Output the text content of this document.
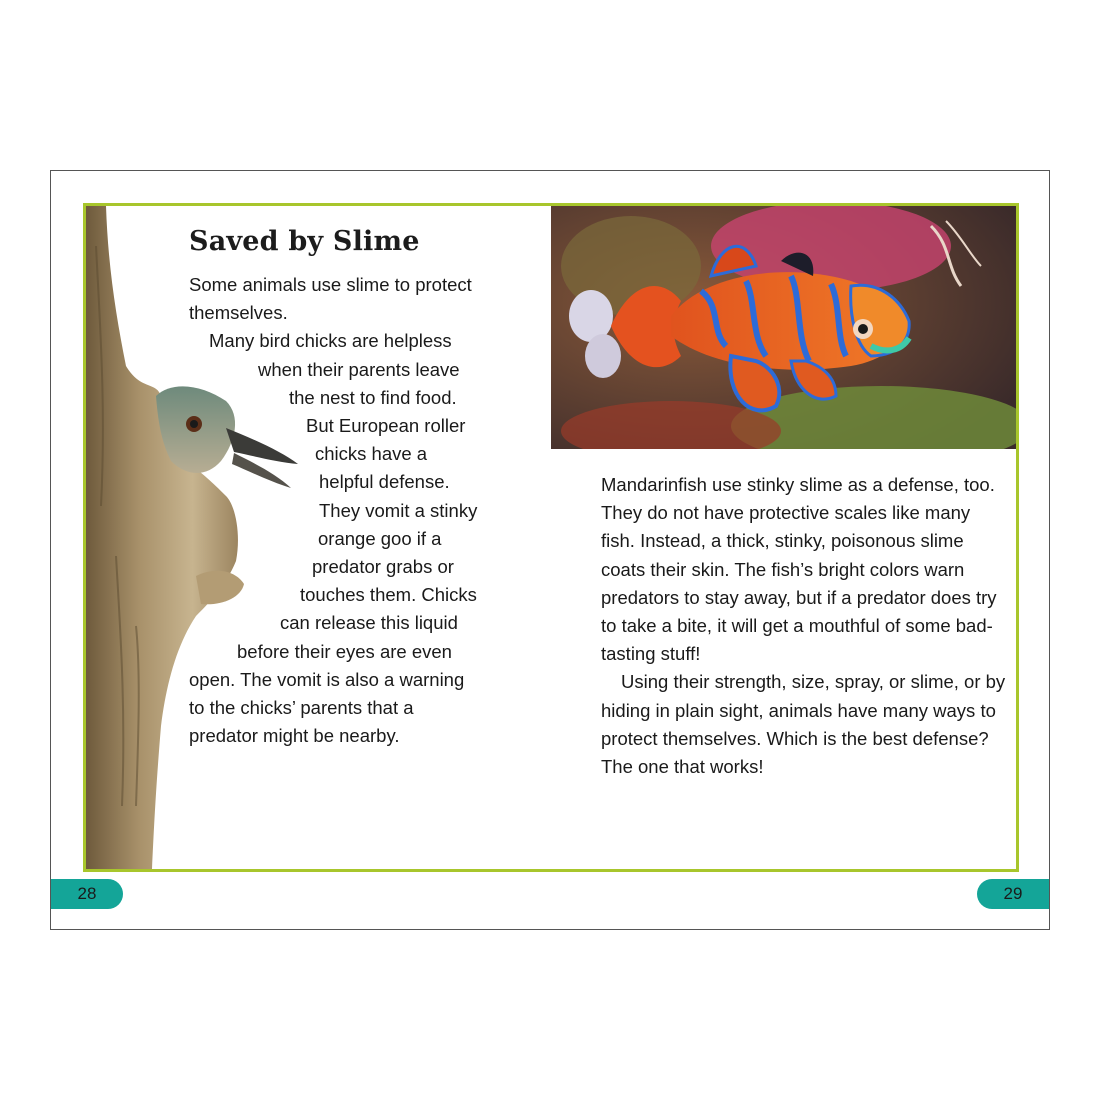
Saved by Slime
Some animals use slime to protect
themselves.
Many bird chicks are helpless
when their parents leave
the nest to find food.
But European roller
chicks have a
helpful defense.
They vomit a stinky
orange goo if a
predator grabs or
touches them. Chicks
can release this liquid
before their eyes are even
open. The vomit is also a warning
to the chicks’ parents that a
predator might be nearby.

Mandarinfish use stinky slime as a defense, too. They do not have protective scales like many fish. Instead, a thick, stinky, poisonous slime coats their skin. The fish’s bright colors warn predators to stay away, but if a predator does try to take a bite, it will get a mouthful of some bad-tasting stuff!

Using their strength, size, spray, or slime, or by hiding in plain sight, animals have many ways to protect themselves. Which is the best defense? The one that works!

28	29
